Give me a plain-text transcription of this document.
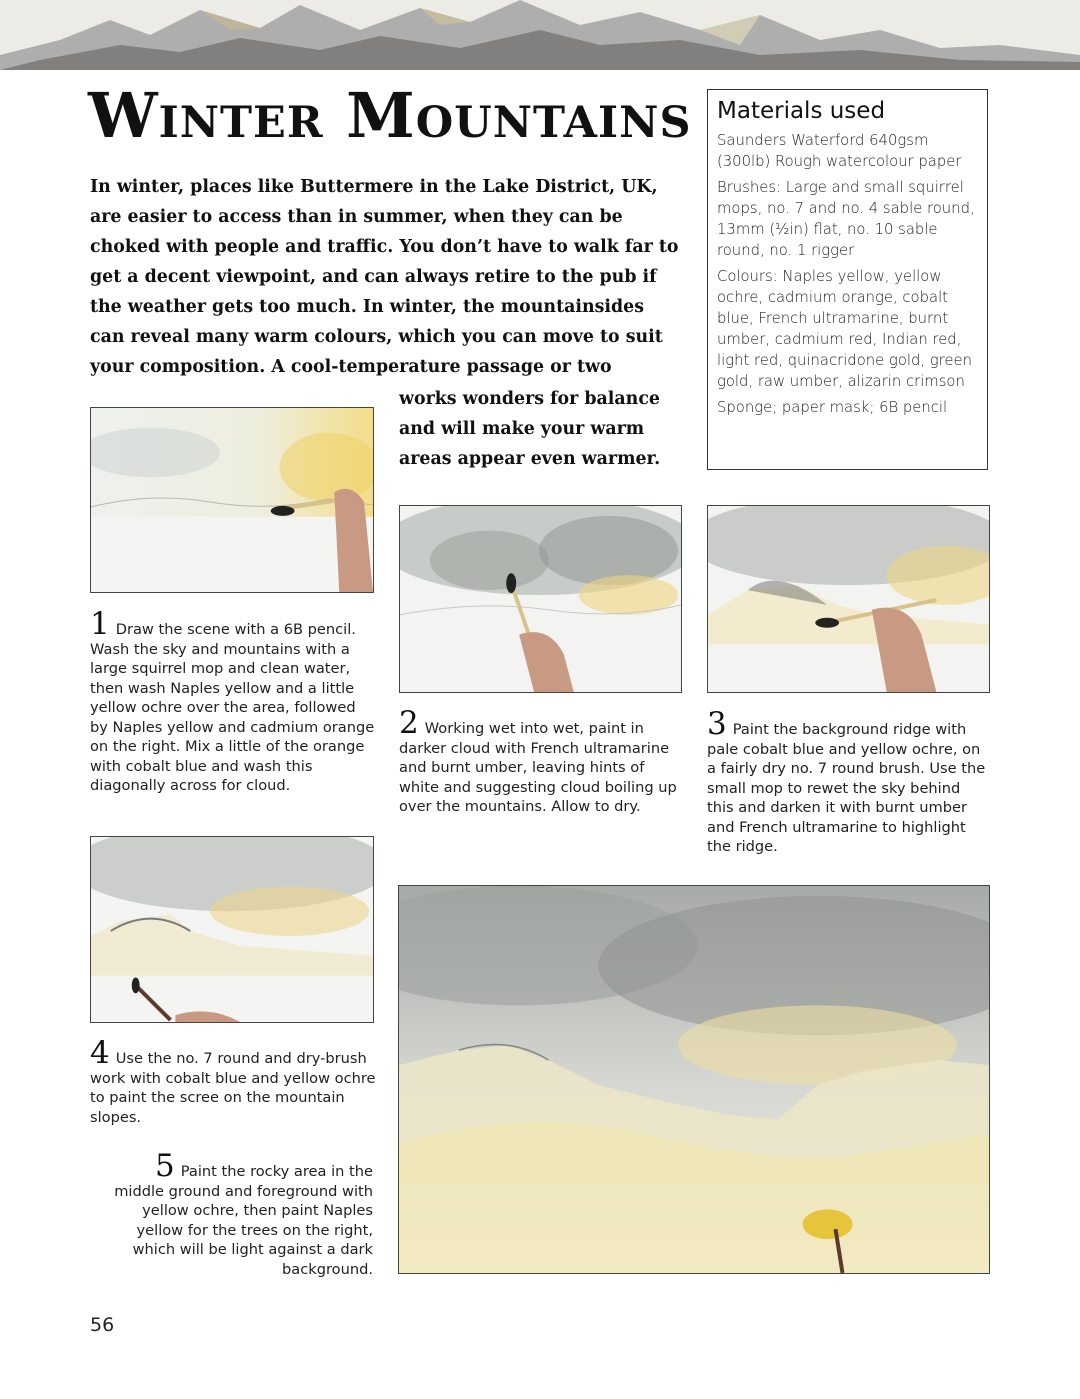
Winter Mountains

In winter, places like Buttermere in the Lake District, UK, are easier to access than in summer, when they can be choked with people and traffic. You don’t have to walk far to get a decent viewpoint, and can always retire to the pub if the weather gets too much. In winter, the mountainsides can reveal many warm colours, which you can move to suit your composition. A cool-temperature passage or two

works wonders for balance and will make your warm areas appear even warmer.

Materials used

Saunders Waterford 640gsm (300lb) Rough watercolour paper

Brushes: Large and small squirrel mops, no. 7 and no. 4 sable round, 13mm (½in) flat, no. 10 sable round, no. 1 rigger

Colours: Naples yellow, yellow ochre, cadmium orange, cobalt blue, French ultramarine, burnt umber, cadmium red, Indian red, light red, quinacridone gold, green gold, raw umber, alizarin crimson

Sponge; paper mask; 6B pencil

1 Draw the scene with a 6B pencil. Wash the sky and mountains with a large squirrel mop and clean water, then wash Naples yellow and a little yellow ochre over the area, followed by Naples yellow and cadmium orange on the right. Mix a little of the orange with cobalt blue and wash this diagonally across for cloud.

2 Working wet into wet, paint in darker cloud with French ultramarine and burnt umber, leaving hints of white and suggesting cloud boiling up over the mountains. Allow to dry.

3 Paint the background ridge with pale cobalt blue and yellow ochre, on a fairly dry no. 7 round brush. Use the small mop to rewet the sky behind this and darken it with burnt umber and French ultramarine to highlight the ridge.

4 Use the no. 7 round and dry-brush work with cobalt blue and yellow ochre to paint the scree on the mountain slopes.

5 Paint the rocky area in the middle ground and foreground with yellow ochre, then paint Naples yellow for the trees on the right, which will be light against a dark background.

56
